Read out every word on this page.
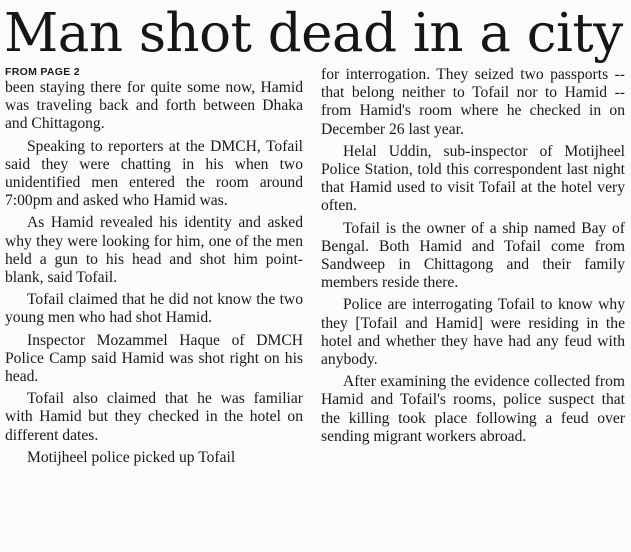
Man shot dead in a city
FROM PAGE 2

been staying there for quite some now, Hamid was traveling back and forth between Dhaka and Chittagong.

Speaking to reporters at the DMCH, Tofail said they were chatting in his when two unidentified men entered the room around 7:00pm and asked who Hamid was.

As Hamid revealed his identity and asked why they were looking for him, one of the men held a gun to his head and shot him point-blank, said Tofail.

Tofail claimed that he did not know the two young men who had shot Hamid.

Inspector Mozammel Haque of DMCH Police Camp said Hamid was shot right on his head.

Tofail also claimed that he was familiar with Hamid but they checked in the hotel on different dates.

Motijheel police picked up Tofail

for interrogation. They seized two passports -- that belong neither to Tofail nor to Hamid -- from Hamid's room where he checked in on December 26 last year.

Helal Uddin, sub-inspector of Motijheel Police Station, told this correspondent last night that Hamid used to visit Tofail at the hotel very often.

Tofail is the owner of a ship named Bay of Bengal. Both Hamid and Tofail come from Sandweep in Chittagong and their family members reside there.

Police are interrogating Tofail to know why they [Tofail and Hamid] were residing in the hotel and whether they have had any feud with anybody.

After examining the evidence collected from Hamid and Tofail's rooms, police suspect that the killing took place following a feud over sending migrant workers abroad.
